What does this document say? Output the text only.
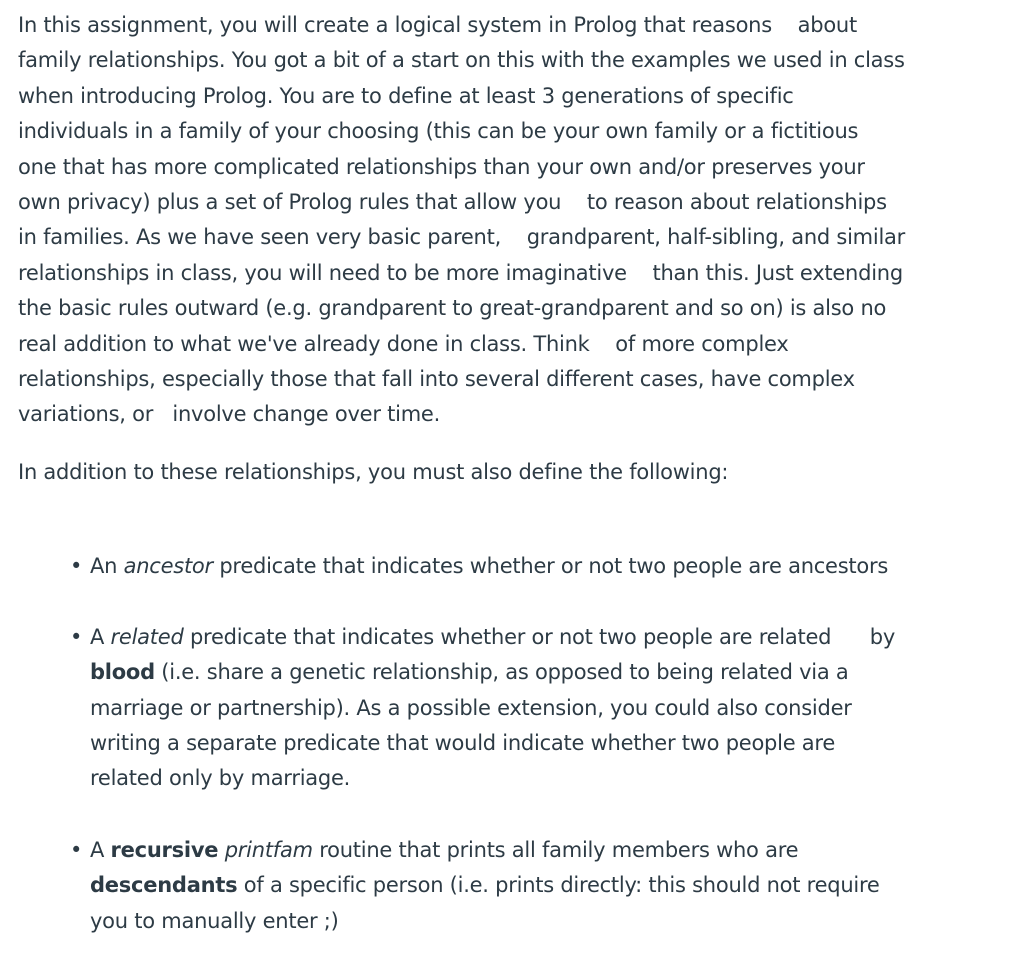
In this assignment, you will create a logical system in Prolog that reasons    about
family relationships. You got a bit of a start on this with the examples we used in class
when introducing Prolog. You are to define at least 3 generations of specific
individuals in a family of your choosing (this can be your own family or a fictitious
one that has more complicated relationships than your own and/or preserves your
own privacy) plus a set of Prolog rules that allow you    to reason about relationships
in families. As we have seen very basic parent,    grandparent, half-sibling, and similar
relationships in class, you will need to be more imaginative    than this. Just extending
the basic rules outward (e.g. grandparent to great-grandparent and so on) is also no
real addition to what we've already done in class. Think    of more complex
relationships, especially those that fall into several different cases, have complex
variations, or   involve change over time.
In addition to these relationships, you must also define the following:
• An ancestor predicate that indicates whether or not two people are ancestors
• A related predicate that indicates whether or not two people are related      by
blood (i.e. share a genetic relationship, as opposed to being related via a
marriage or partnership). As a possible extension, you could also consider
writing a separate predicate that would indicate whether two people are
related only by marriage.
• A recursive printfam routine that prints all family members who are
descendants of a specific person (i.e. prints directly: this should not require
you to manually enter ;)
